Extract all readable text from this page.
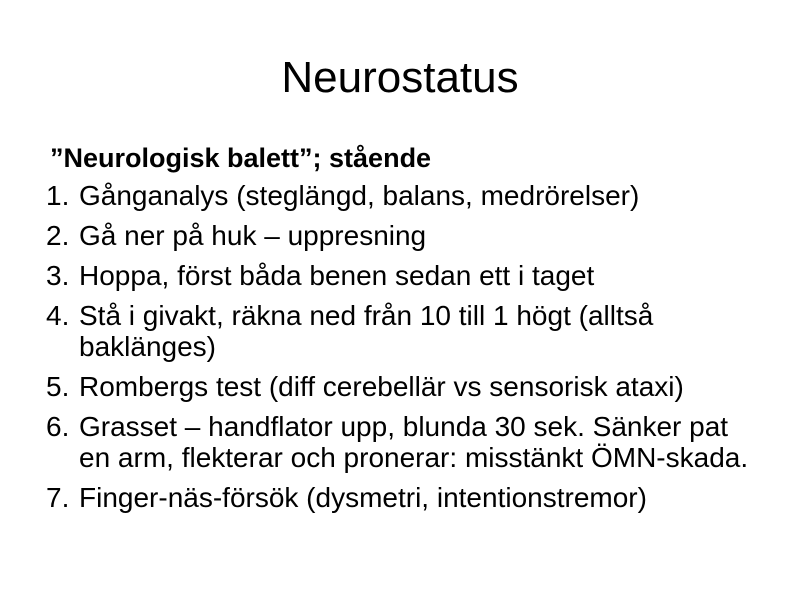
Neurostatus
”Neurologisk balett”; stående
1. Gånganalys (steglängd, balans, medrörelser)
2. Gå ner på huk – uppresning
3. Hoppa, först båda benen sedan ett i taget
4. Stå i givakt, räkna ned från 10 till 1 högt (alltså baklänges)
5. Rombergs test (diff cerebellär vs sensorisk ataxi)
6. Grasset – handflator upp, blunda 30 sek. Sänker pat en arm, flekterar och pronerar: misstänkt ÖMN-skada.
7. Finger-näs-försök (dysmetri, intentionstremor)
